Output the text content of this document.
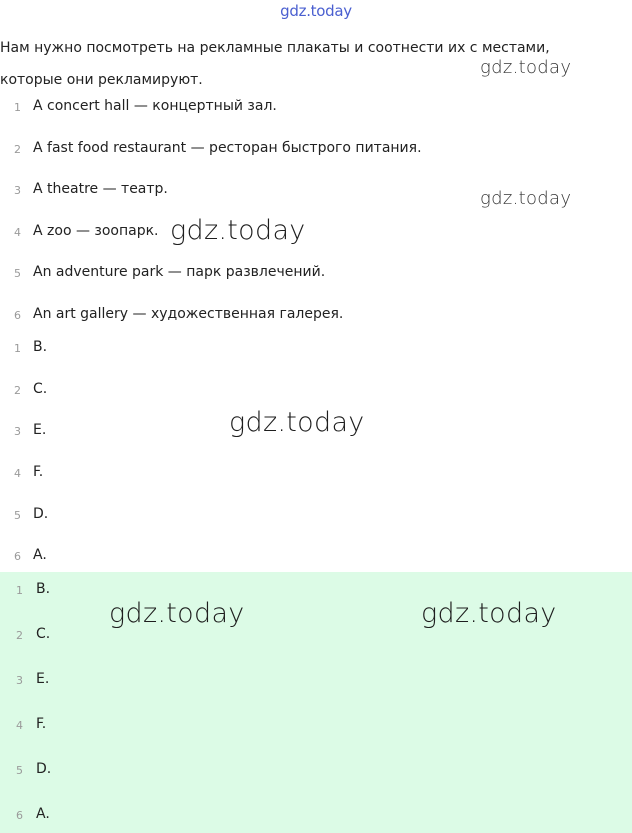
gdz.today
Нам нужно посмотреть на рекламные плакаты и соотнести их с местами, которые они рекламируют.
1 A concert hall — концертный зал.
2 A fast food restaurant — ресторан быстрого питания.
3 A theatre — театр.
4 A zoo — зоопарк.
5 An adventure park — парк развлечений.
6 An art gallery — художественная галерея.
1 B.
2 C.
3 E.
4 F.
5 D.
6 A.
1 B.
2 C.
3 E.
4 F.
5 D.
6 A.
gdz.today
gdz.today
gdz.today
gdz.today
gdz.today	gdz.today
